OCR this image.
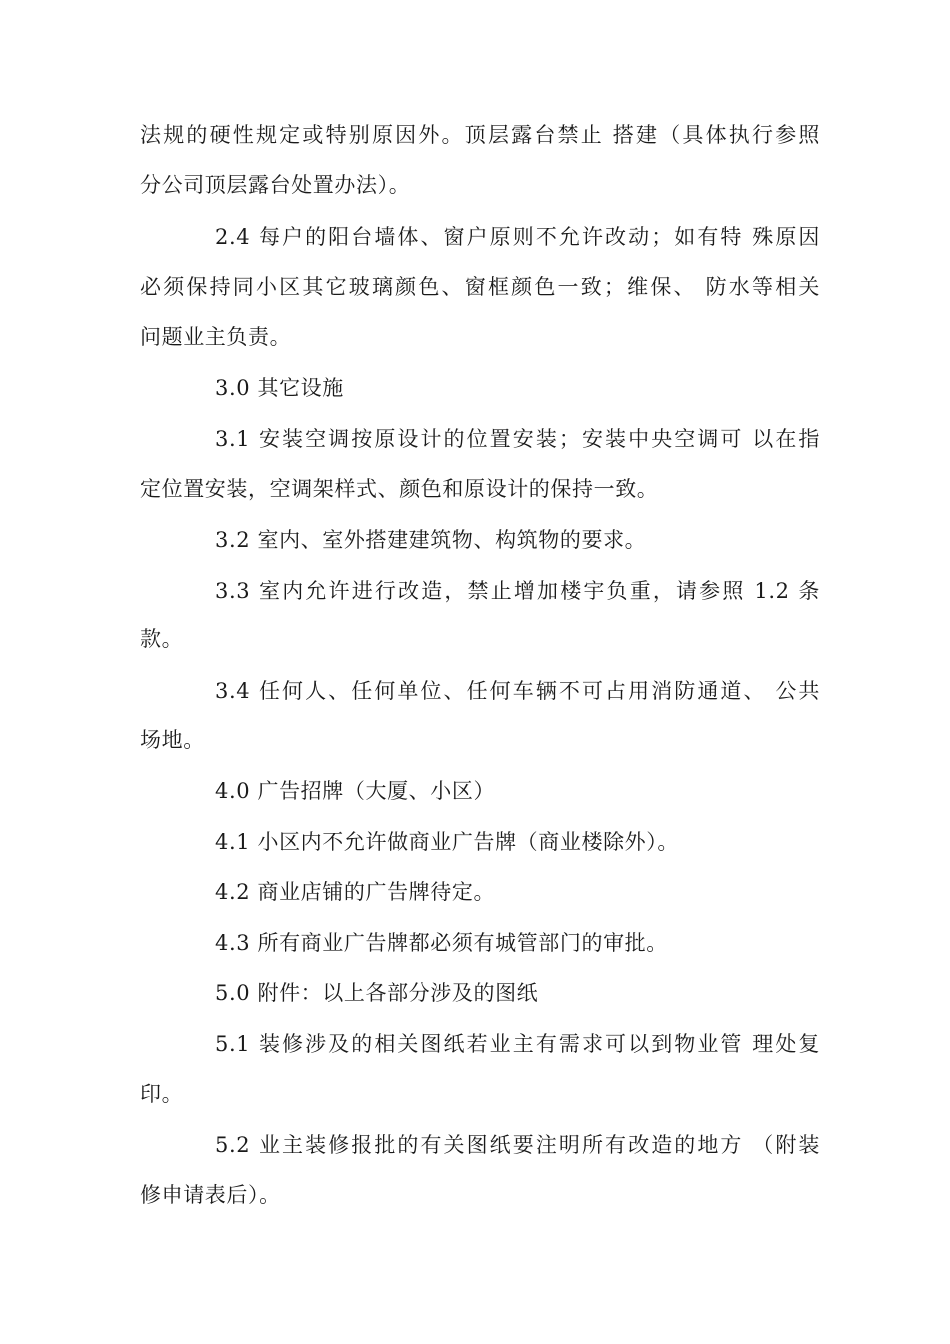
法规的硬性规定或特别原因外。顶层露台禁止 搭建（具体执行参照
分公司顶层露台处置办法）。
2.4 每户的阳台墙体、窗户原则不允许改动；如有特 殊原因
必须保持同小区其它玻璃颜色、窗框颜色一致；维保、 防水等相关
问题业主负责。
3.0 其它设施
3.1 安装空调按原设计的位置安装；安装中央空调可 以在指
定位置安装，空调架样式、颜色和原设计的保持一致。
3.2 室内、室外搭建建筑物、构筑物的要求。
3.3 室内允许进行改造，禁止增加楼宇负重，请参照 1.2 条
款。
3.4 任何人、任何单位、任何车辆不可占用消防通道、 公共
场地。
4.0 广告招牌（大厦、小区）
4.1 小区内不允许做商业广告牌（商业楼除外）。
4.2 商业店铺的广告牌待定。
4.3 所有商业广告牌都必须有城管部门的审批。
5.0 附件：以上各部分涉及的图纸
5.1 装修涉及的相关图纸若业主有需求可以到物业管 理处复
印。
5.2 业主装修报批的有关图纸要注明所有改造的地方 （附装
修申请表后）。
